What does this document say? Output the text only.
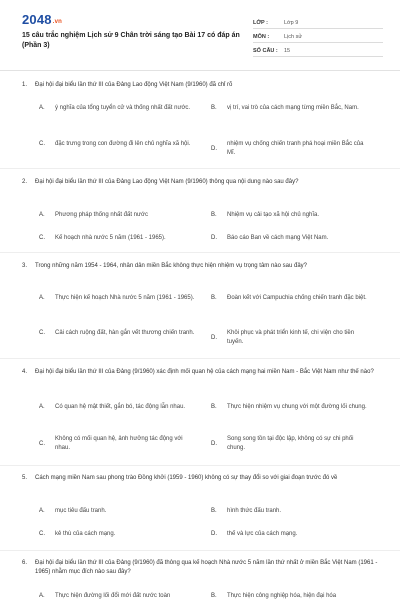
2048.vn
15 câu trắc nghiệm Lịch sử 9 Chân trời sáng tạo Bài 17 có đáp án (Phần 3)
LỚP :	Lớp 9
MÔN :	Lịch sử
SỐ CÂU :	15
1.	Đại hội đại biểu lần thứ III của Đảng Lao động Việt Nam (9/1960) đã chỉ rõ
A.	ý nghĩa của tổng tuyển cử và thống nhất đất nước.	B.	vị trí, vai trò của cách mạng từng miền Bắc, Nam.
C.	đặc trưng trong con đường đi lên chủ nghĩa xã hội.
D.
nhiệm vụ chống chiến tranh phá hoại miền Bắc của Mĩ.
2.	Đại hội đại biểu lần thứ III của Đảng Lao động Việt Nam (9/1960) thông qua nội dung nào sau đây?
A.	Phương pháp thống nhất đất nước	B.	Nhiệm vụ cải tạo xã hội chủ nghĩa.
C.	Kế hoạch nhà nước 5 năm (1961 - 1965).	D.	Báo cáo Ban về cách mạng Việt Nam.
3.	Trong những năm 1954 - 1964, nhân dân miền Bắc không thực hiện nhiệm vụ trọng tâm nào sau đây?
A.	Thực hiện kế hoạch Nhà nước 5 năm (1961 - 1965).	B.	Đoàn kết với Campuchia chống chiến tranh đặc biệt.
C.	Cải cách ruộng đất, hàn gắn vết thương chiến tranh.
D.
Khôi phục và phát triển kinh tế, chi viện cho tiền tuyến.
4.	Đại hội đại biểu lần thứ III của Đảng (9/1960) xác định mối quan hệ của cách mạng hai miền Nam - Bắc Việt Nam như thế nào?
A.	Có quan hệ mật thiết, gắn bó, tác động lẫn nhau.	B.	Thực hiện nhiệm vụ chung với một đường lối chung.
C.
Không có mối quan hệ, ảnh hưởng tác động với nhau.
D.
Song song tồn tại độc lập, không có sự chi phối chung.
5.	Cách mạng miền Nam sau phong trào Đồng khởi (1959 - 1960) không có sự thay đổi so với giai đoạn trước đó về
A.	mục tiêu đấu tranh.	B.	hình thức đấu tranh.
C.	kẻ thù của cách mạng.	D.	thế và lực của cách mạng.
6.	Đại hội đại biểu lần thứ III của Đảng (9/1960) đã thông qua kế hoạch Nhà nước 5 năm lần thứ nhất ở miền Bắc Việt Nam (1961 - 1965) nhằm mục đích nào sau đây?
A.	Thực hiện đường lối đổi mới đất nước toàn	B.	Thực hiện công nghiệp hóa, hiện đại hóa
